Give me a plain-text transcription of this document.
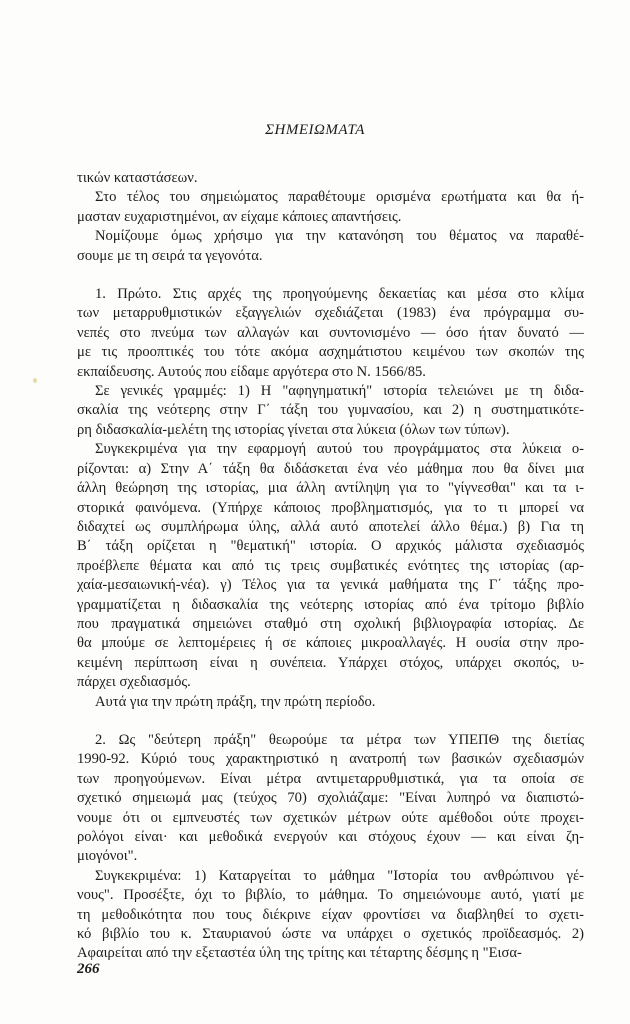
ΣΗΜΕΙΩΜΑΤΑ
τικών καταστάσεων.
Στο τέλος του σημειώματος παραθέτουμε ορισμένα ερωτήματα και θα ή-
μασταν ευχαριστημένοι, αν είχαμε κάποιες απαντήσεις.
Νομίζουμε όμως χρήσιμο για την κατανόηση του θέματος να παραθέ-
σουμε με τη σειρά τα γεγονότα.
1. Πρώτο. Στις αρχές της προηγούμενης δεκαετίας και μέσα στο κλίμα
των μεταρρυθμιστικών εξαγγελιών σχεδιάζεται (1983) ένα πρόγραμμα συ-
νεπές στο πνεύμα των αλλαγών και συντονισμένο — όσο ήταν δυνατό —
με τις προοπτικές του τότε ακόμα ασχημάτιστου κειμένου των σκοπών της
εκπαίδευσης. Αυτούς που είδαμε αργότερα στο Ν. 1566/85.
Σε γενικές γραμμές: 1) Η "αφηγηματική" ιστορία τελειώνει με τη διδα-
σκαλία της νεότερης στην Γ΄ τάξη του γυμνασίου, και 2) η συστηματικότε-
ρη διδασκαλία-μελέτη της ιστορίας γίνεται στα λύκεια (όλων των τύπων).
Συγκεκριμένα για την εφαρμογή αυτού του προγράμματος στα λύκεια ο-
ρίζονται: α) Στην Α΄ τάξη θα διδάσκεται ένα νέο μάθημα που θα δίνει μια
άλλη θεώρηση της ιστορίας, μια άλλη αντίληψη για το "γίγνεσθαι" και τα ι-
στορικά φαινόμενα. (Υπήρχε κάποιος προβληματισμός, για το τι μπορεί να
διδαχτεί ως συμπλήρωμα ύλης, αλλά αυτό αποτελεί άλλο θέμα.) β) Για τη
Β΄ τάξη ορίζεται η "θεματική" ιστορία. Ο αρχικός μάλιστα σχεδιασμός
προέβλεπε θέματα και από τις τρεις συμβατικές ενότητες της ιστορίας (αρ-
χαία-μεσαιωνική-νέα). γ) Τέλος για τα γενικά μαθήματα της Γ΄ τάξης προ-
γραμματίζεται η διδασκαλία της νεότερης ιστορίας από ένα τρίτομο βιβλίο
που πραγματικά σημειώνει σταθμό στη σχολική βιβλιογραφία ιστορίας. Δε
θα μπούμε σε λεπτομέρειες ή σε κάποιες μικροαλλαγές. Η ουσία στην προ-
κειμένη περίπτωση είναι η συνέπεια. Υπάρχει στόχος, υπάρχει σκοπός, υ-
πάρχει σχεδιασμός.
Αυτά για την πρώτη πράξη, την πρώτη περίοδο.
2. Ως "δεύτερη πράξη" θεωρούμε τα μέτρα των ΥΠΕΠΘ της διετίας
1990-92. Κύριό τους χαρακτηριστικό η ανατροπή των βασικών σχεδιασμών
των προηγούμενων. Είναι μέτρα αντιμεταρρυθμιστικά, για τα οποία σε
σχετικό σημειωμά μας (τεύχος 70) σχολιάζαμε: "Είναι λυπηρό να διαπιστώ-
νουμε ότι οι εμπνευστές των σχετικών μέτρων ούτε αμέθοδοι ούτε προχει-
ρολόγοι είναι· και μεθοδικά ενεργούν και στόχους έχουν — και είναι ζη-
μιογόνοι".
Συγκεκριμένα: 1) Καταργείται το μάθημα "Ιστορία του ανθρώπινου γέ-
νους". Προσέξτε, όχι το βιβλίο, το μάθημα. Το σημειώνουμε αυτό, γιατί με
τη μεθοδικότητα που τους διέκρινε είχαν φροντίσει να διαβληθεί το σχετι-
κό βιβλίο του κ. Σταυριανού ώστε να υπάρχει ο σχετικός προϊδεασμός. 2)
Αφαιρείται από την εξεταστέα ύλη της τρίτης και τέταρτης δέσμης η "Εισα-
266
